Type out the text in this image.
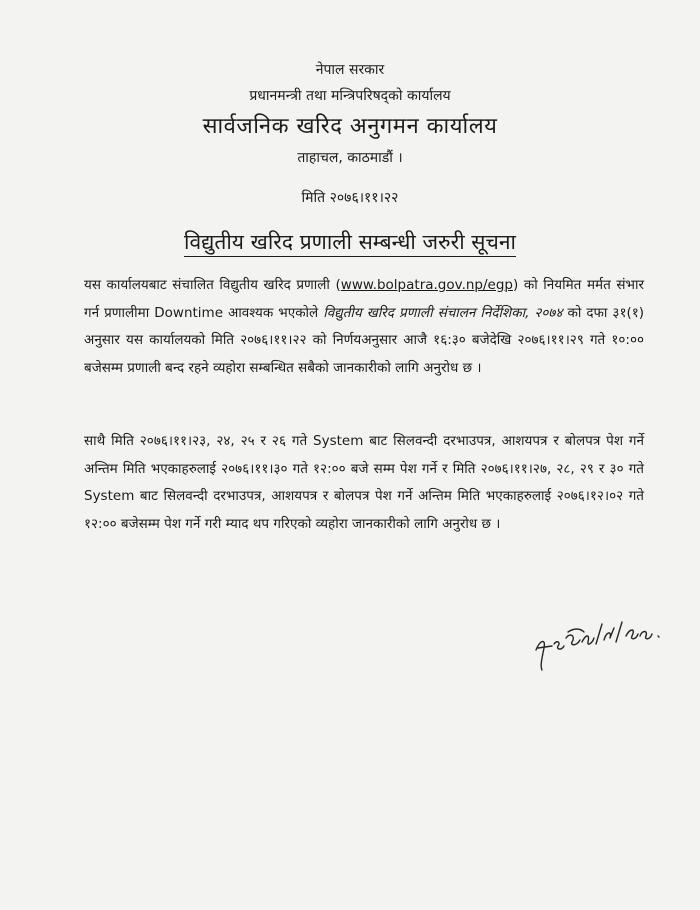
नेपाल सरकार
प्रधानमन्त्री तथा मन्त्रिपरिषद्को कार्यालय
सार्वजनिक खरिद अनुगमन कार्यालय
ताहाचल, काठमाडौं ।
मिति २०७६।११।२२
विद्युतीय खरिद प्रणाली सम्बन्धी जरुरी सूचना
यस कार्यालयबाट संचालित विद्युतीय खरिद प्रणाली (www.bolpatra.gov.np/egp) को नियमित मर्मत संभार गर्न प्रणालीमा Downtime आवश्यक भएकोले विद्युतीय खरिद प्रणाली संचालन निर्देशिका, २०७४ को दफा ३१(१) अनुसार यस कार्यालयको मिति २०७६।११।२२ को निर्णयअनुसार आजै १६:३० बजेदेखि २०७६।११।२९ गते १०:०० बजेसम्म प्रणाली बन्द रहने व्यहोरा सम्बन्धित सबैको जानकारीको लागि अनुरोध छ ।
साथै मिति २०७६।११।२३, २४, २५ र २६ गते System बाट सिलवन्दी दरभाउपत्र, आशयपत्र र बोलपत्र पेश गर्ने अन्तिम मिति भएकाहरुलाई २०७६।११।३० गते १२:०० बजे सम्म पेश गर्ने र मिति २०७६।११।२७, २८, २९ र ३० गते System बाट सिलवन्दी दरभाउपत्र, आशयपत्र र बोलपत्र पेश गर्ने अन्तिम मिति भएकाहरुलाई २०७६।१२।०२ गते १२:०० बजेसम्म पेश गर्ने गरी म्याद थप गरिएको व्यहोरा जानकारीको लागि अनुरोध छ ।
